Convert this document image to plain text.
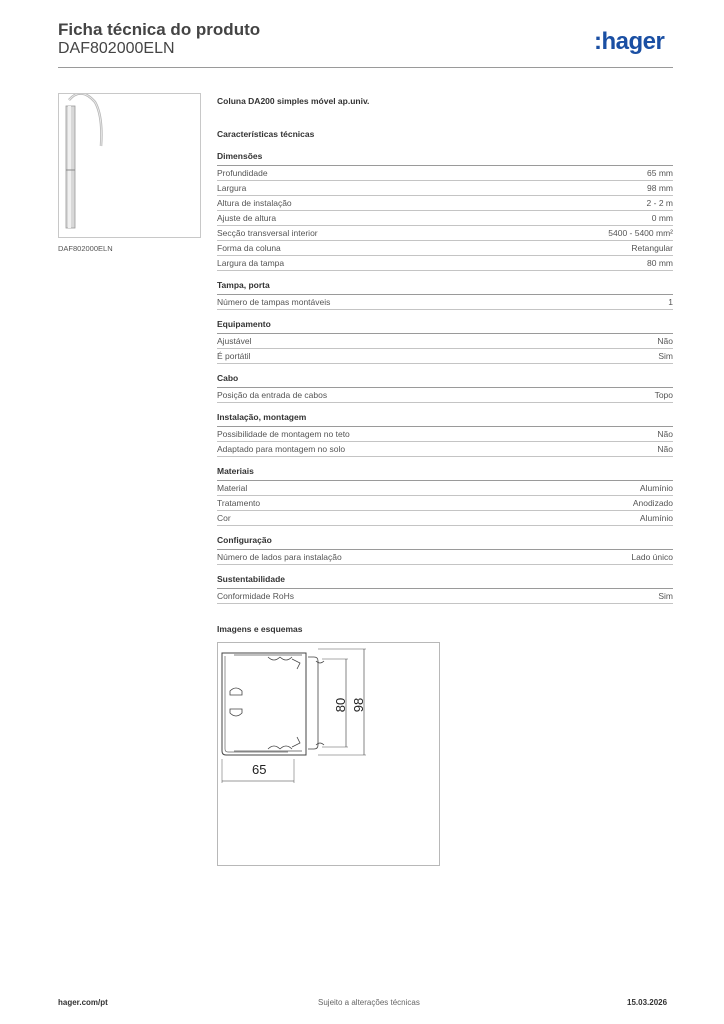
Ficha técnica do produto
DAF802000ELN	:hager
DAF802000ELN
Coluna DA200 simples móvel ap.univ.
Características técnicas
Dimensões
Profundidade	65 mm
Largura	98 mm
Altura de instalação	2 - 2 m
Ajuste de altura	0 mm
Secção transversal interior	5400 - 5400 mm²
Forma da coluna	Retangular
Largura da tampa	80 mm
Tampa, porta
Número de tampas montáveis	1
Equipamento
Ajustável	Não
É portátil	Sim
Cabo
Posição da entrada de cabos	Topo
Instalação, montagem
Possibilidade de montagem no teto	Não
Adaptado para montagem no solo	Não
Materiais
Material	Alumínio
Tratamento	Anodizado
Cor	Alumínio
Configuração
Número de lados para instalação	Lado único
Sustentabilidade
Conformidade RoHs	Sim
Imagens e esquemas
65
80 98
hager.com/pt	Sujeito a alterações técnicas	15.03.2026
